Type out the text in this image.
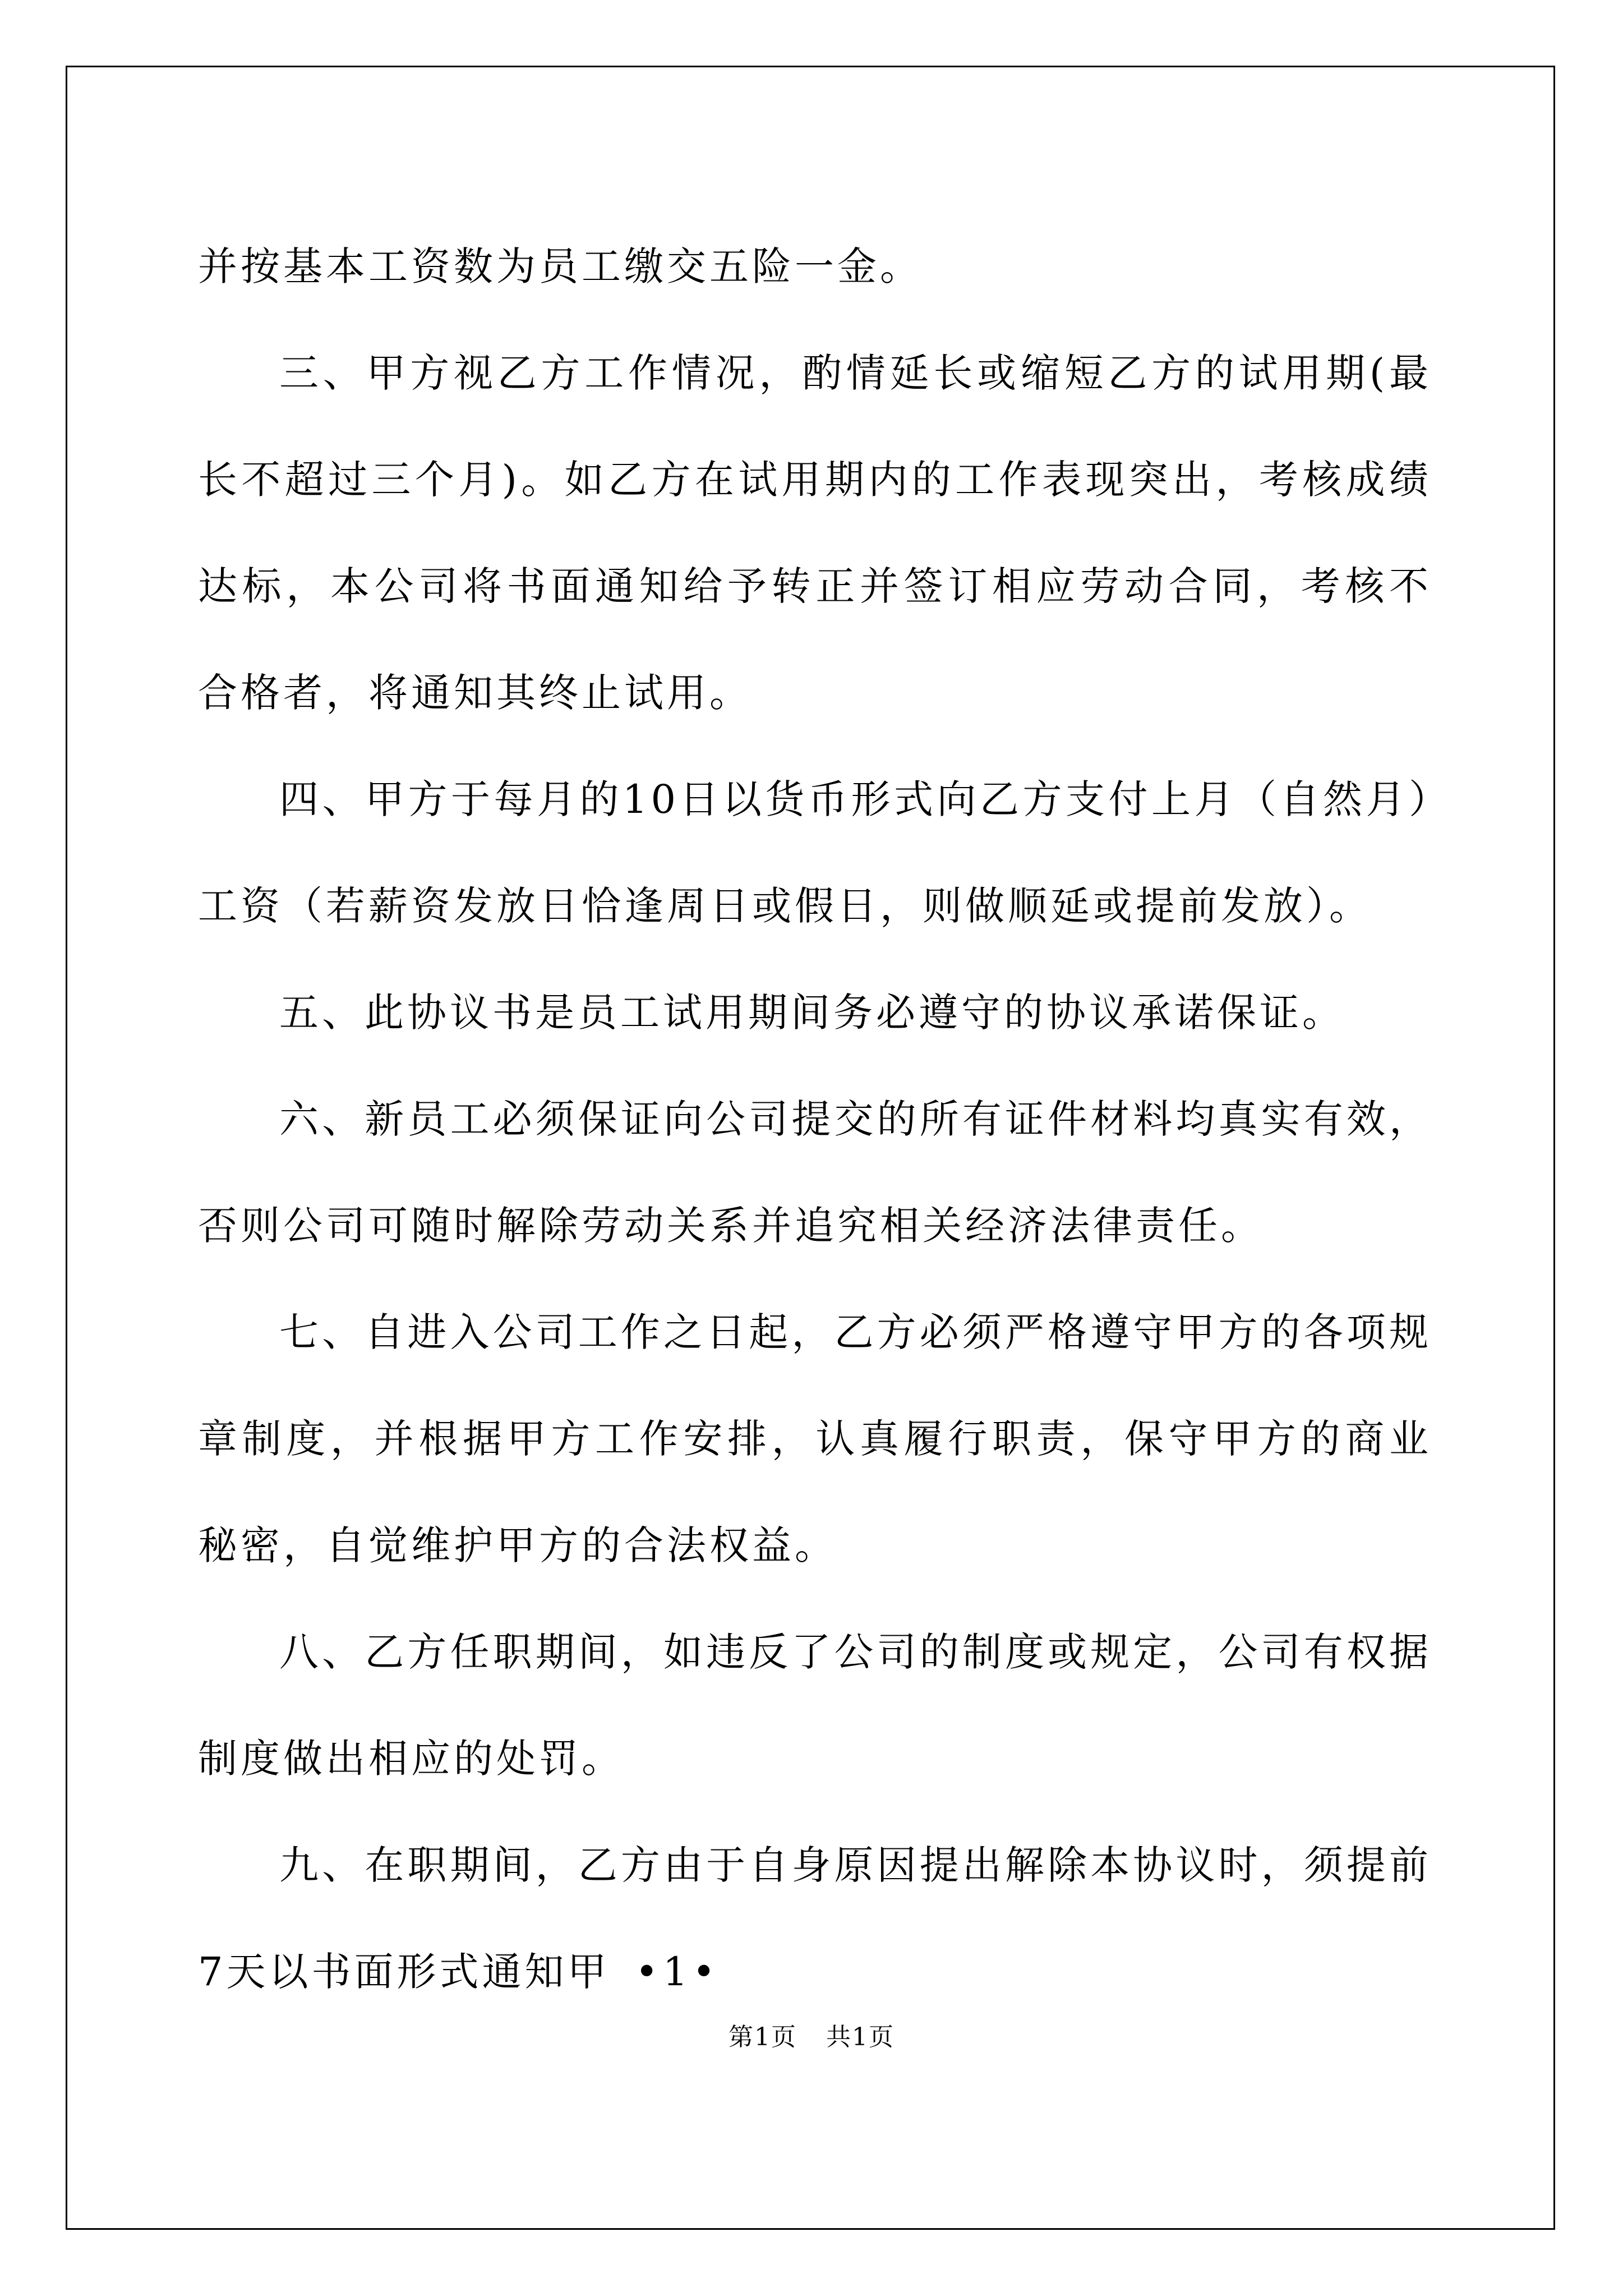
并按基本工资数为员工缴交五险一金。

三、甲方视乙方工作情况，酌情延长或缩短乙方的试用期(最长不超过三个月)。如乙方在试用期内的工作表现突出，考核成绩达标，本公司将书面通知给予转正并签订相应劳动合同，考核不合格者，将通知其终止试用。

四、甲方于每月的10日以货币形式向乙方支付上月（自然月）工资（若薪资发放日恰逢周日或假日，则做顺延或提前发放）。

五、此协议书是员工试用期间务必遵守的协议承诺保证。

六、新员工必须保证向公司提交的所有证件材料均真实有效，否则公司可随时解除劳动关系并追究相关经济法律责任。

七、自进入公司工作之日起，乙方必须严格遵守甲方的各项规章制度，并根据甲方工作安排，认真履行职责，保守甲方的商业秘密，自觉维护甲方的合法权益。

八、乙方任职期间，如违反了公司的制度或规定，公司有权据制度做出相应的处罚。

九、在职期间，乙方由于自身原因提出解除本协议时，须提前7天以书面形式通知甲 •1•

第1页 共1页
